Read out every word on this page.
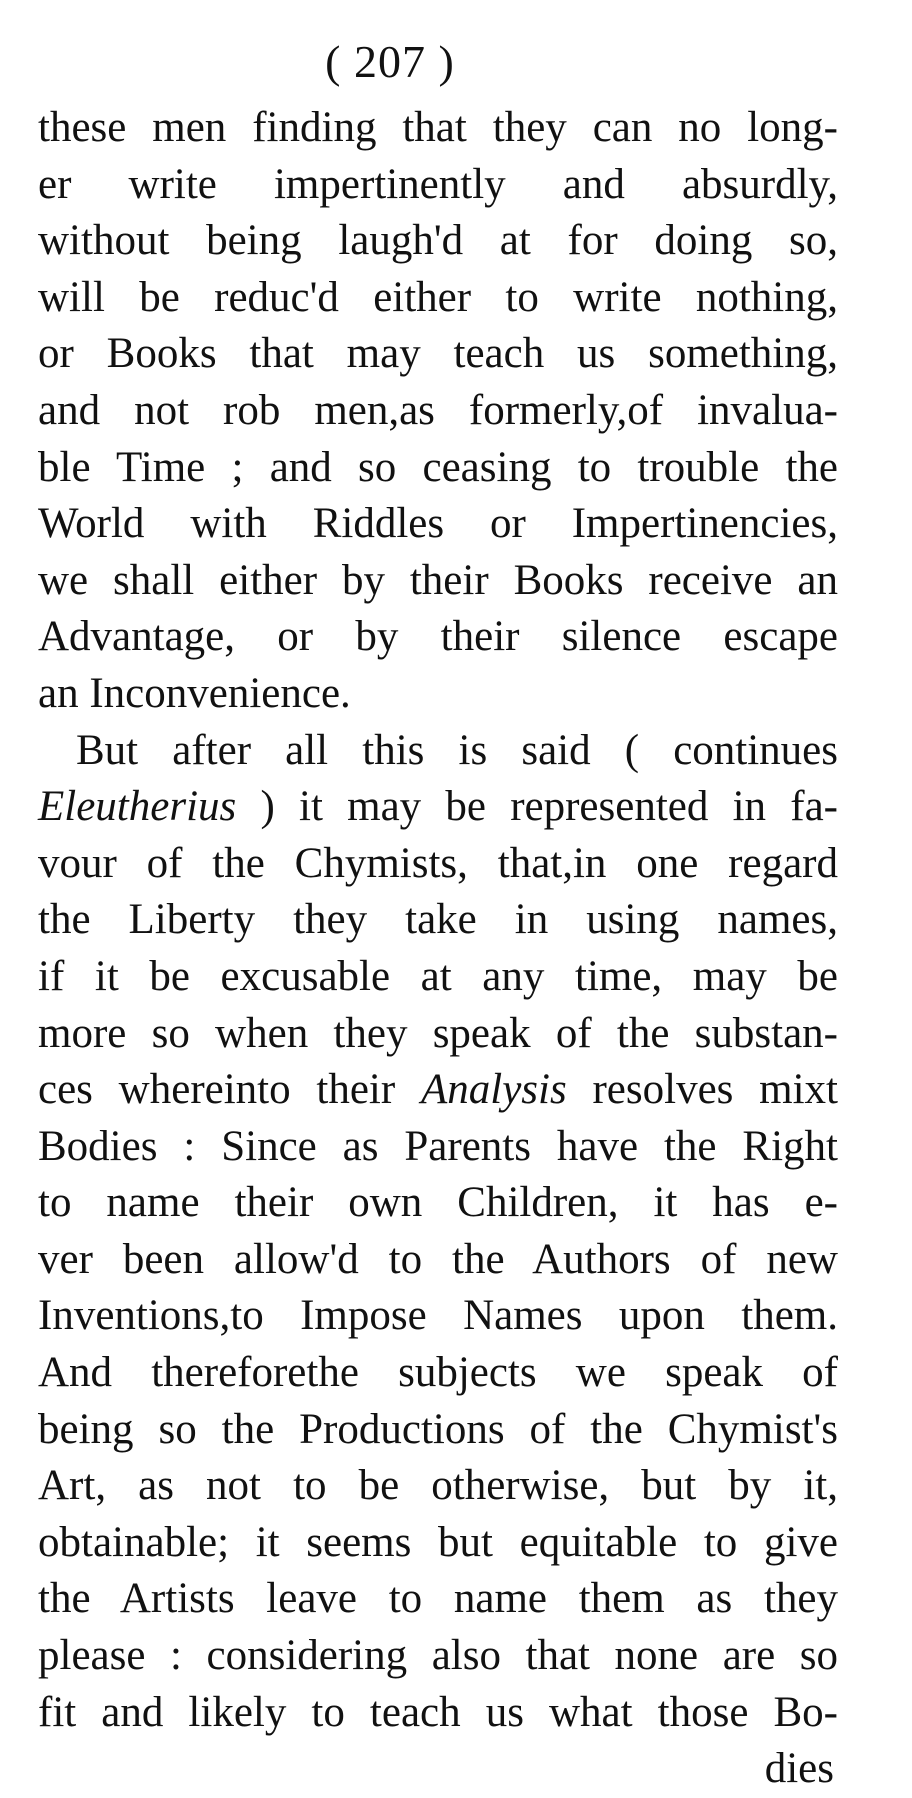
( 207 )
these men finding that they can no long-
er write impertinently and absurdly,
without being laugh'd at for doing so,
will be reduc'd either to write nothing,
or Books that may teach us something,
and not rob men,as formerly,of invalua-
ble Time ; and so ceasing to trouble the
World with Riddles or Impertinencies,
we shall either by their Books receive an
Advantage, or by their silence escape
an Inconvenience.
But after all this is said ( continues
Eleutherius ) it may be represented in fa-
vour of the Chymists, that,in one regard
the Liberty they take in using names,
if it be excusable at any time, may be
more so when they speak of the substan-
ces whereinto their Analysis resolves mixt
Bodies : Since as Parents have the Right
to name their own Children, it has e-
ver been allow'd to the Authors of new
Inventions,to Impose Names upon them.
And thereforethe subjects we speak of
being so the Productions of the Chymist's
Art, as not to be otherwise, but by it,
obtainable; it seems but equitable to give
the Artists leave to name them as they
please : considering also that none are so
fit and likely to teach us what those Bo-
dies
